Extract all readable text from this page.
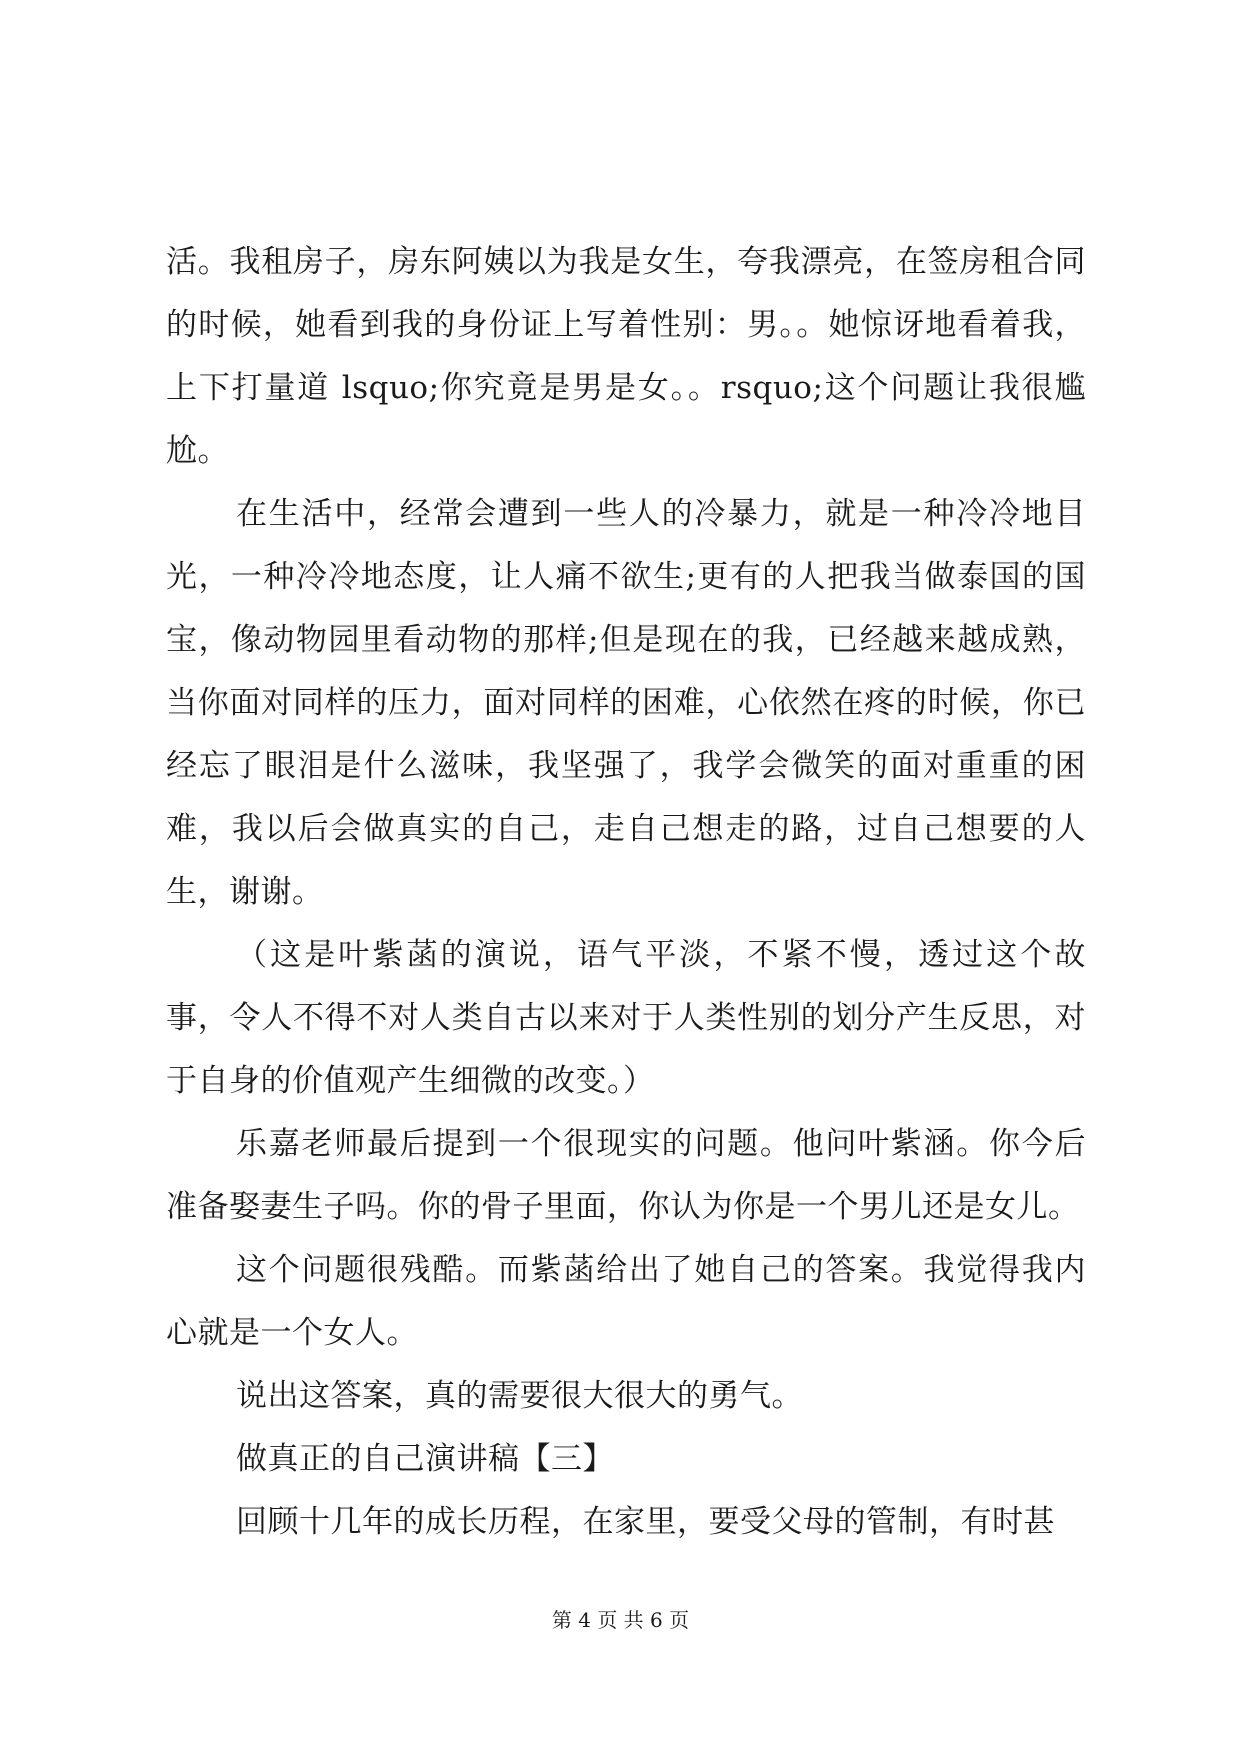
活。我租房子，房东阿姨以为我是女生，夸我漂亮，在签房租合同的时候，她看到我的身份证上写着性别：男。。她惊讶地看着我，上下打量道 lsquo;你究竟是男是女。。rsquo;这个问题让我很尴尬。

在生活中，经常会遭到一些人的冷暴力，就是一种冷冷地目光，一种冷冷地态度，让人痛不欲生;更有的人把我当做泰国的国宝，像动物园里看动物的那样;但是现在的我，已经越来越成熟，当你面对同样的压力，面对同样的困难，心依然在疼的时候，你已经忘了眼泪是什么滋味，我坚强了，我学会微笑的面对重重的困难，我以后会做真实的自己，走自己想走的路，过自己想要的人生，谢谢。

（这是叶紫菡的演说，语气平淡，不紧不慢，透过这个故事，令人不得不对人类自古以来对于人类性别的划分产生反思，对于自身的价值观产生细微的改变。）

乐嘉老师最后提到一个很现实的问题。他问叶紫涵。你今后准备娶妻生子吗。你的骨子里面，你认为你是一个男儿还是女儿。

这个问题很残酷。而紫菡给出了她自己的答案。我觉得我内心就是一个女人。

说出这答案，真的需要很大很大的勇气。

做真正的自己演讲稿【三】

回顾十几年的成长历程，在家里，要受父母的管制，有时甚

第 4 页 共 6 页
